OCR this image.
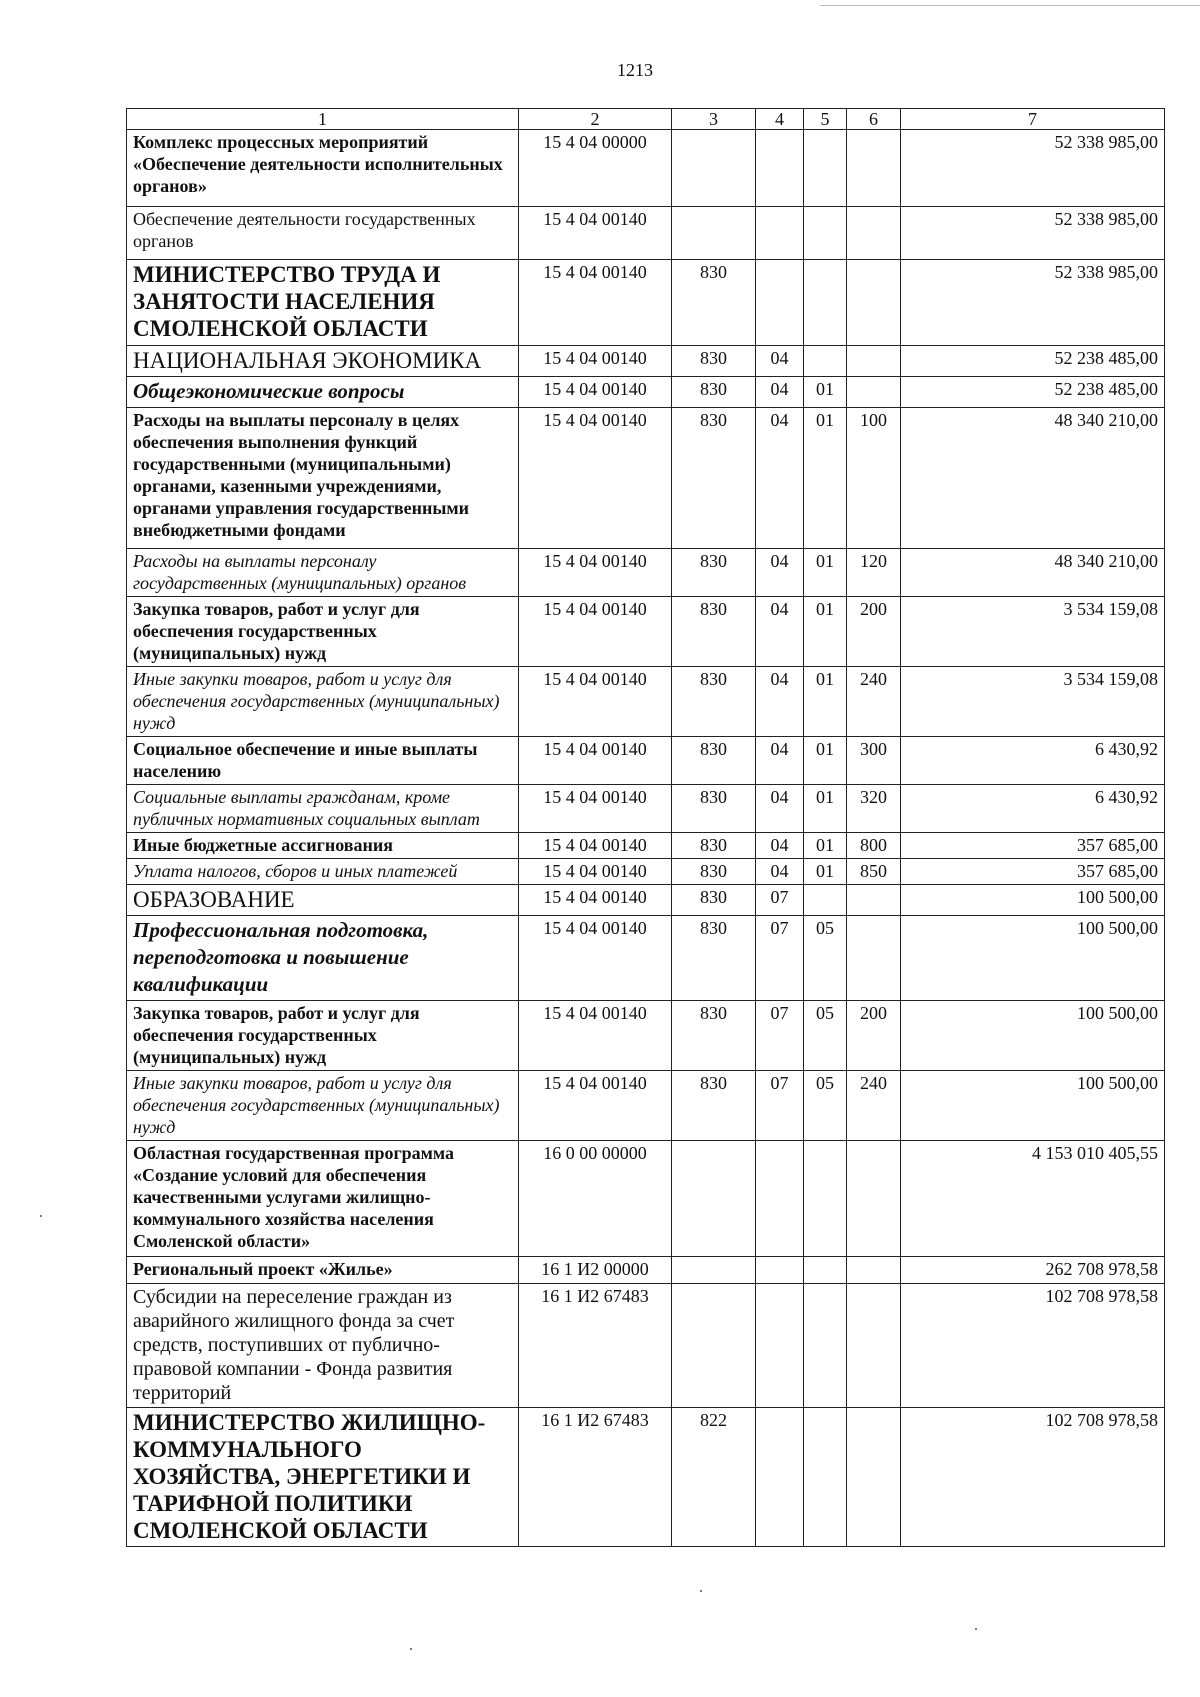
1213
1	2	3	4	5	6	7
Комплекс процессных мероприятий «Обеспечение деятельности исполнительных органов»	15 4 04 00000					52 338 985,00
Обеспечение деятельности государственных органов	15 4 04 00140					52 338 985,00
МИНИСТЕРСТВО ТРУДА И ЗАНЯТОСТИ НАСЕЛЕНИЯ СМОЛЕНСКОЙ ОБЛАСТИ	15 4 04 00140	830				52 338 985,00
НАЦИОНАЛЬНАЯ ЭКОНОМИКА	15 4 04 00140	830	04			52 238 485,00
Общеэкономические вопросы	15 4 04 00140	830	04	01		52 238 485,00
Расходы на выплаты персоналу в целях обеспечения выполнения функций государственными (муниципальными) органами, казенными учреждениями, органами управления государственными внебюджетными фондами	15 4 04 00140	830	04	01	100	48 340 210,00
Расходы на выплаты персоналу государственных (муниципальных) органов	15 4 04 00140	830	04	01	120	48 340 210,00
Закупка товаров, работ и услуг для обеспечения государственных (муниципальных) нужд	15 4 04 00140	830	04	01	200	3 534 159,08
Иные закупки товаров, работ и услуг для обеспечения государственных (муниципальных) нужд	15 4 04 00140	830	04	01	240	3 534 159,08
Социальное обеспечение и иные выплаты населению	15 4 04 00140	830	04	01	300	6 430,92
Социальные выплаты гражданам, кроме публичных нормативных социальных выплат	15 4 04 00140	830	04	01	320	6 430,92
Иные бюджетные ассигнования	15 4 04 00140	830	04	01	800	357 685,00
Уплата налогов, сборов и иных платежей	15 4 04 00140	830	04	01	850	357 685,00
ОБРАЗОВАНИЕ	15 4 04 00140	830	07			100 500,00
Профессиональная подготовка, переподготовка и повышение квалификации	15 4 04 00140	830	07	05		100 500,00
Закупка товаров, работ и услуг для обеспечения государственных (муниципальных) нужд	15 4 04 00140	830	07	05	200	100 500,00
Иные закупки товаров, работ и услуг для обеспечения государственных (муниципальных) нужд	15 4 04 00140	830	07	05	240	100 500,00
Областная государственная программа «Создание условий для обеспечения качественными услугами жилищно-коммунального хозяйства населения Смоленской области»	16 0 00 00000					4 153 010 405,55
Региональный проект «Жилье»	16 1 И2 00000					262 708 978,58
Субсидии на переселение граждан из аварийного жилищного фонда за счет средств, поступивших от публично-правовой компании - Фонда развития территорий	16 1 И2 67483					102 708 978,58
МИНИСТЕРСТВО ЖИЛИЩНО-КОММУНАЛЬНОГО ХОЗЯЙСТВА, ЭНЕРГЕТИКИ И ТАРИФНОЙ ПОЛИТИКИ СМОЛЕНСКОЙ ОБЛАСТИ	16 1 И2 67483	822				102 708 978,58
